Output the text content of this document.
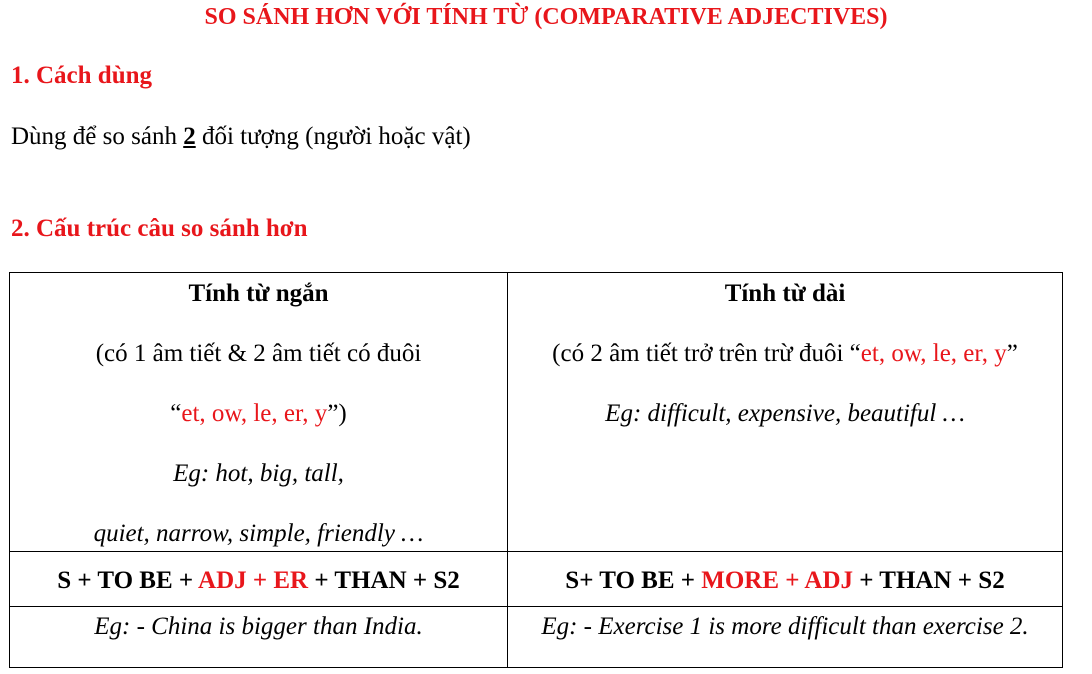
SO SÁNH HƠN VỚI TÍNH TỪ (COMPARATIVE ADJECTIVES)
1. Cách dùng
Dùng để so sánh 2 đối tượng (người hoặc vật)
2. Cấu trúc câu so sánh hơn
Tính từ ngắn
(có 1 âm tiết & 2 âm tiết có đuôi
“et, ow, le, er, y”)
Eg: hot, big, tall,
quiet, narrow, simple, friendly …
Tính từ dài
(có 2 âm tiết trở trên trừ đuôi “et, ow, le, er, y”
Eg: difficult, expensive, beautiful …
S + TO BE + ADJ + ER + THAN + S2	S+ TO BE + MORE + ADJ + THAN + S2
Eg: - China is bigger than India.	Eg: - Exercise 1 is more difficult than exercise 2.
